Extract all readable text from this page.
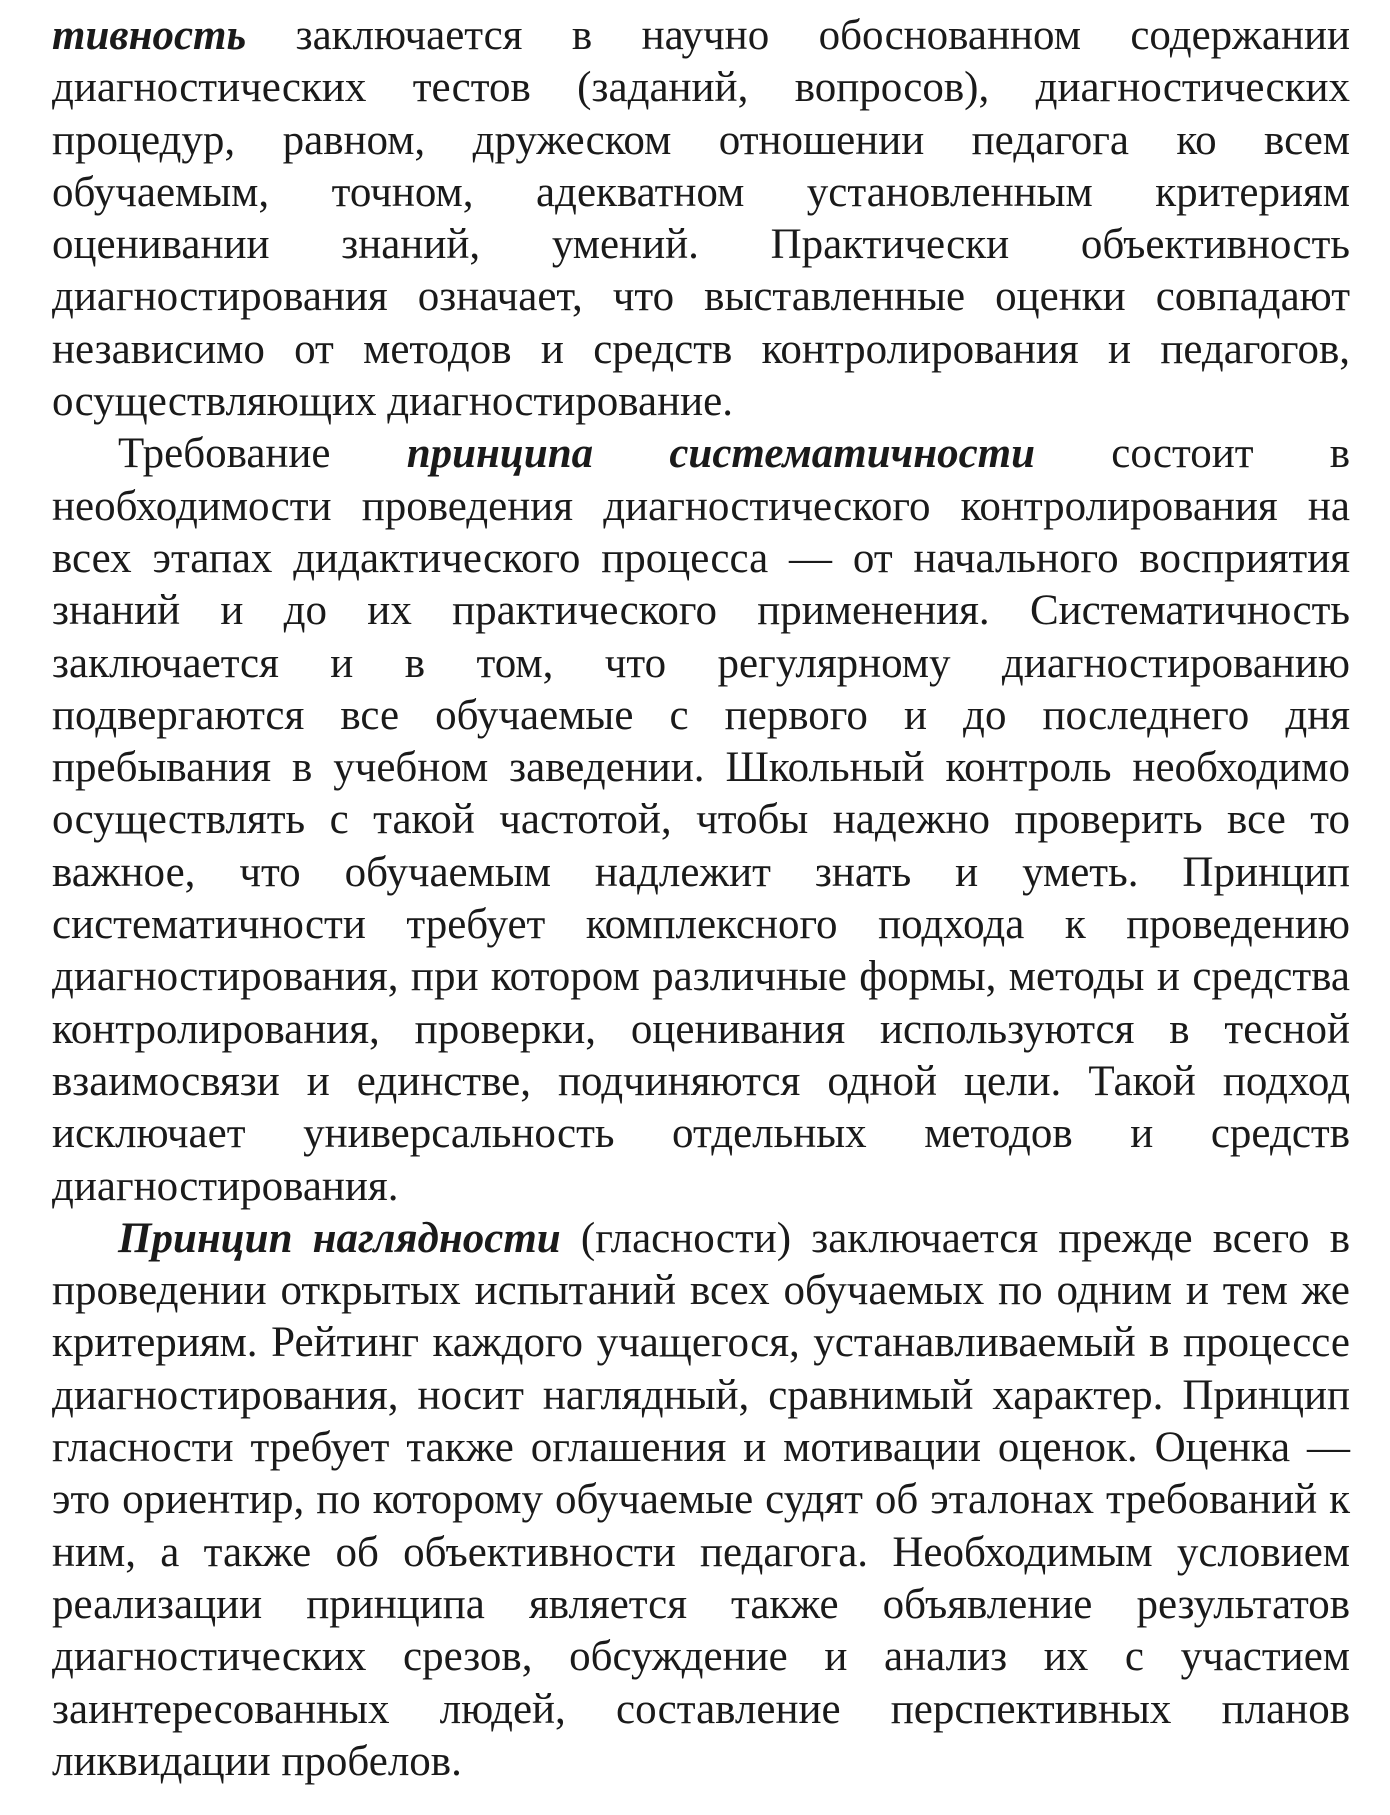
тивность заключается в научно обоснованном содержании диагностических тестов (заданий, вопросов), диагностических процедур, равном, дружеском отношении педагога ко всем обучаемым, точном, адекватном установленным критериям оценивании знаний, умений. Практически объективность диагностирования означает, что выставленные оценки совпадают независимо от методов и средств контролирования и педагогов, осуществляющих диагностирование.

Требование принципа систематичности состоит в необходимости проведения диагностического контролирования на всех этапах дидактического процесса — от начального восприятия знаний и до их практического применения. Систематичность заключается и в том, что регулярному диагностированию подвергаются все обучаемые с первого и до последнего дня пребывания в учебном заведении. Школьный контроль необходимо осуществлять с такой частотой, чтобы надежно проверить все то важное, что обучаемым надлежит знать и уметь. Принцип систематичности требует комплексного подхода к проведению диагностирования, при котором различные формы, методы и средства контролирования, проверки, оценивания используются в тесной взаимосвязи и единстве, подчиняются одной цели. Такой подход исключает универсальность отдельных методов и средств диагностирования.

Принцип наглядности (гласности) заключается прежде всего в проведении открытых испытаний всех обучаемых по одним и тем же критериям. Рейтинг каждого учащегося, устанавливаемый в процессе диагностирования, носит наглядный, сравнимый характер. Принцип гласности требует также оглашения и мотивации оценок. Оценка — это ориентир, по которому обучаемые судят об эталонах требований к ним, а также об объективности педагога. Необходимым условием реализации принципа является также объявление результатов диагностических срезов, обсуждение и анализ их с участием заинтересованных людей, составление перспективных планов ликвидации пробелов.
